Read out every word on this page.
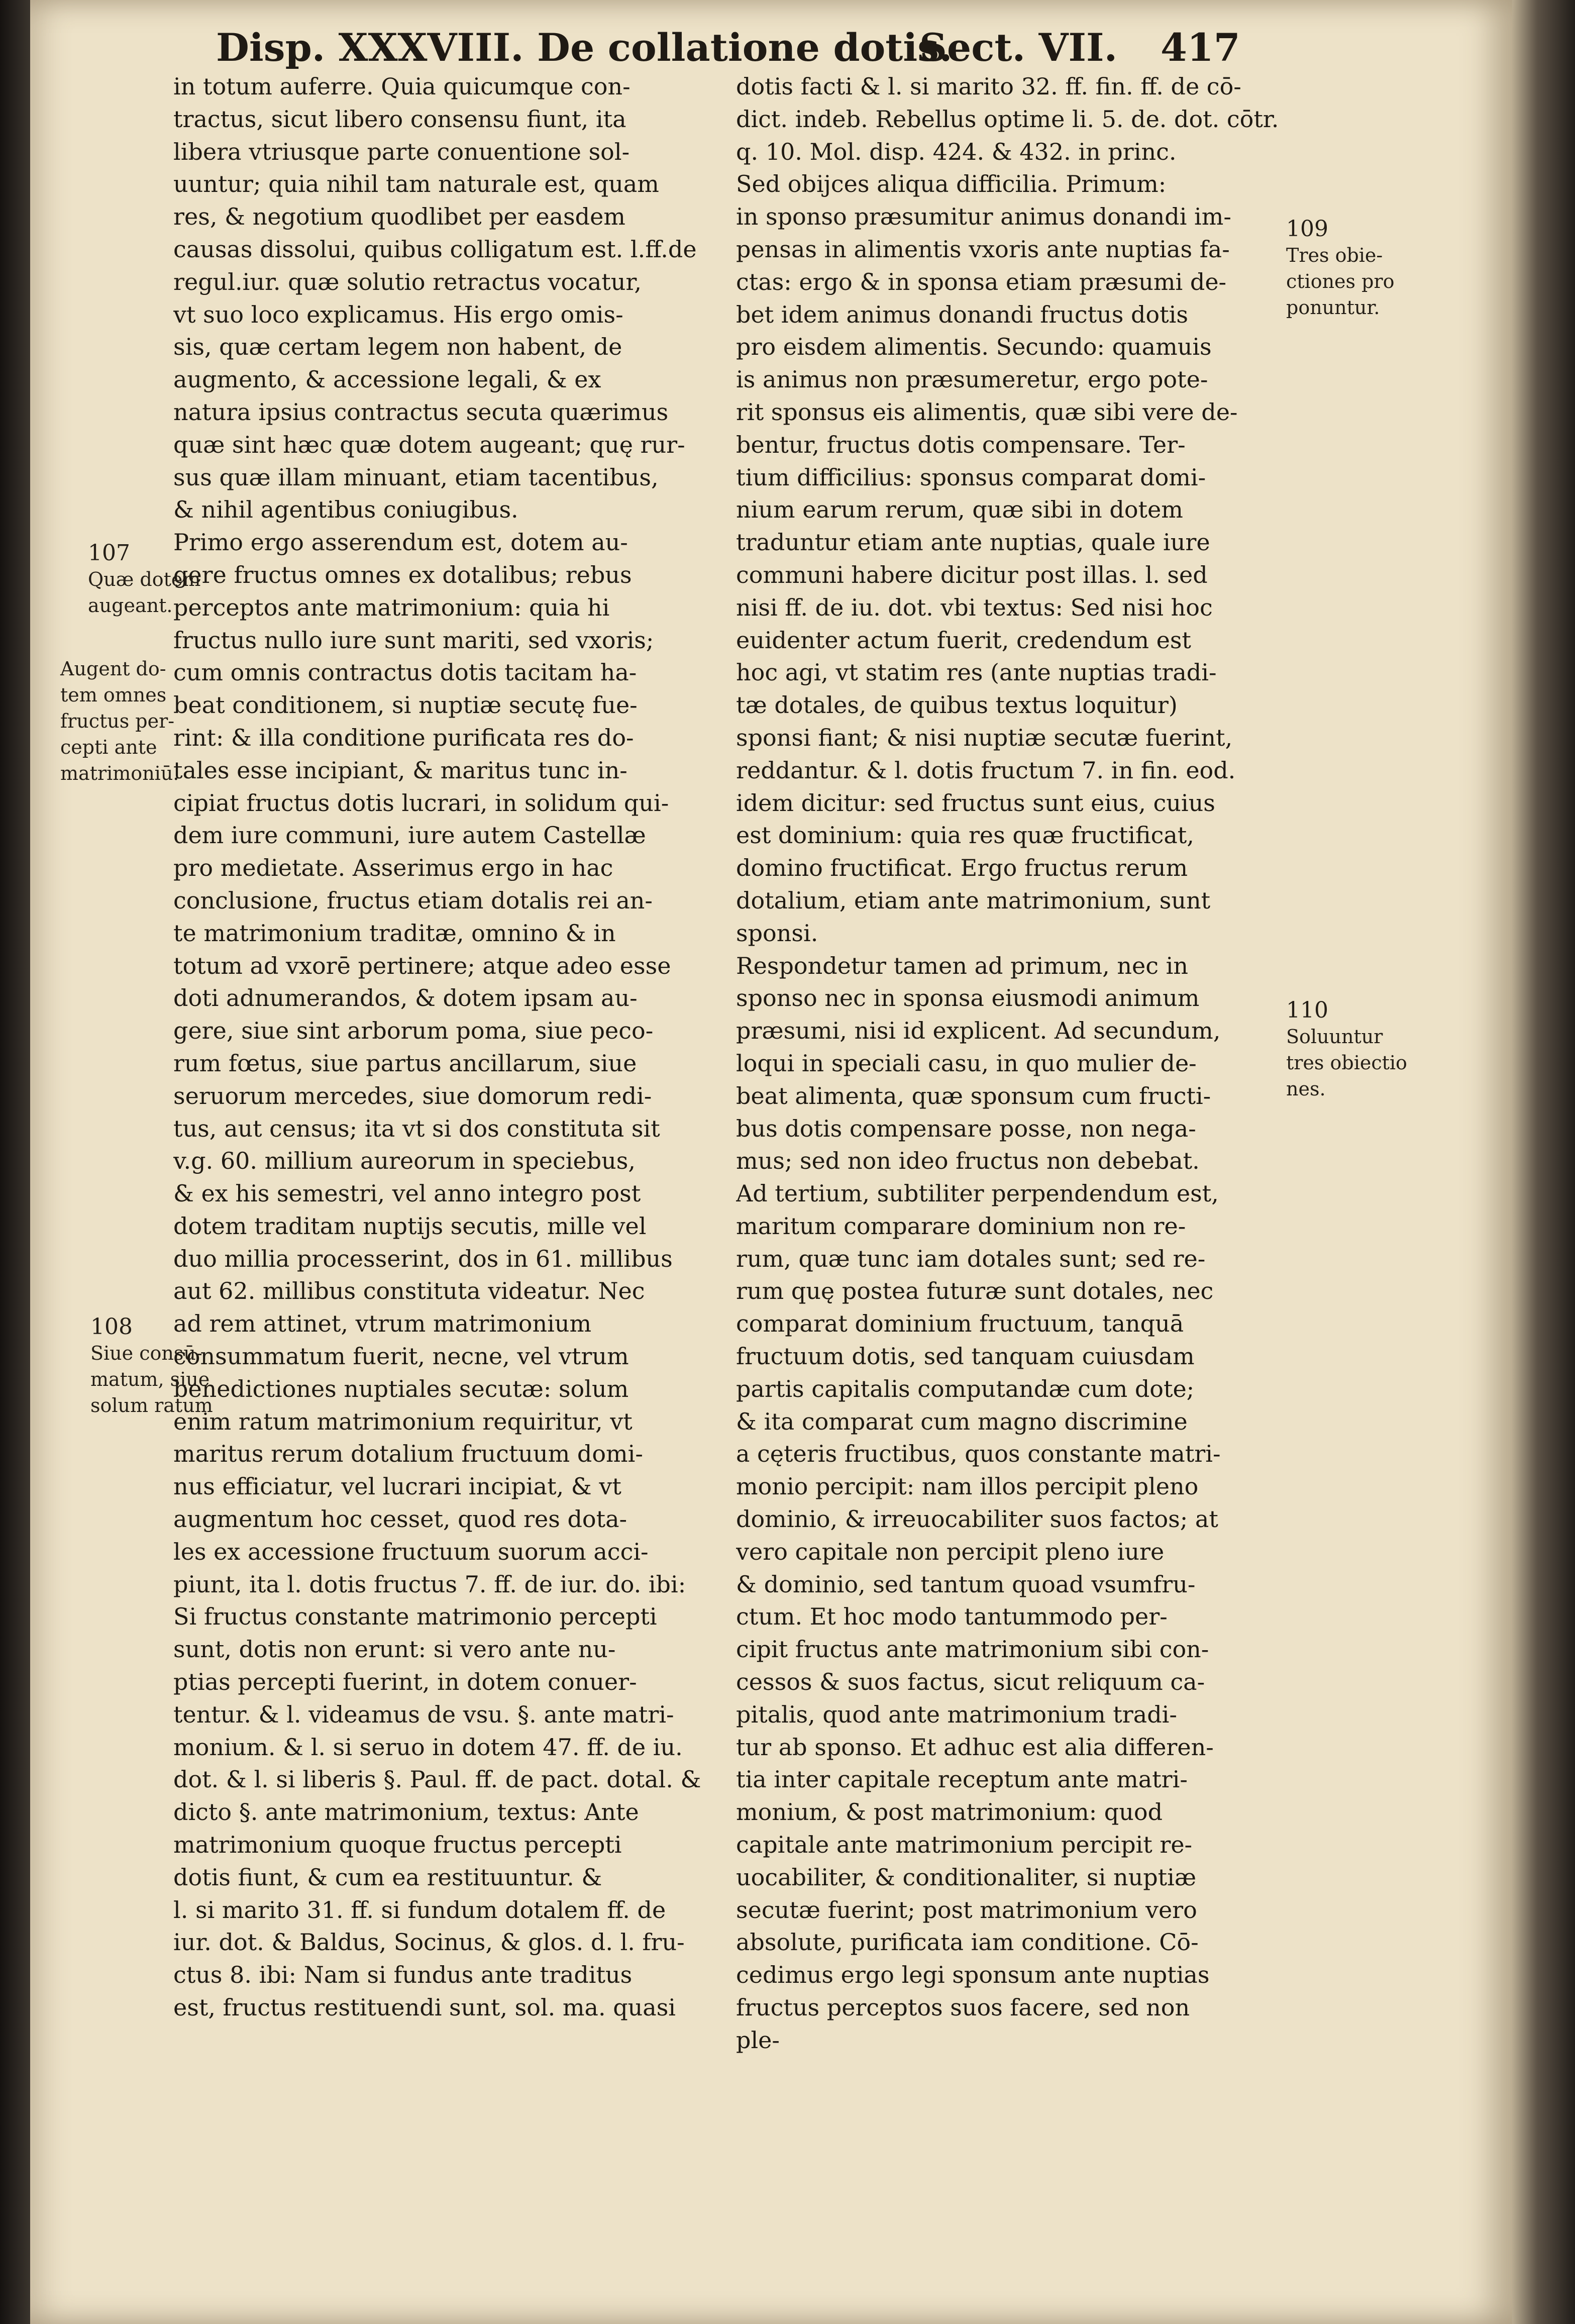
Disp. XXXVIII. De collatione dotis.
Sect. VII. 417
in totum auferre. Quia quicumque con-
tractus, sicut libero consensu fiunt, ita
libera vtriusque parte conuentione sol-
uuntur; quia nihil tam naturale est, quam
res, & negotium quodlibet per easdem
causas dissolui, quibus colligatum est. l.ff.de
regul.iur. quæ solutio retractus vocatur,
vt suo loco explicamus. His ergo omis-
sis, quæ certam legem non habent, de
augmento, & accessione legali, & ex
natura ipsius contractus secuta quærimus
quæ sint hæc quæ dotem augeant; quę rur-
sus quæ illam minuant, etiam tacentibus,
& nihil agentibus coniugibus.
Primo ergo asserendum est, dotem au-
gere fructus omnes ex dotalibus; rebus
perceptos ante matrimonium: quia hi
fructus nullo iure sunt mariti, sed vxoris;
cum omnis contractus dotis tacitam ha-
beat conditionem, si nuptiæ secutę fue-
rint: & illa conditione purificata res do-
tales esse incipiant, & maritus tunc in-
cipiat fructus dotis lucrari, in solidum qui-
dem iure communi, iure autem Castellæ
pro medietate. Asserimus ergo in hac
conclusione, fructus etiam dotalis rei an-
te matrimonium traditæ, omnino & in
totum ad vxorē pertinere; atque adeo esse
doti adnumerandos, & dotem ipsam au-
gere, siue sint arborum poma, siue peco-
rum fœtus, siue partus ancillarum, siue
seruorum mercedes, siue domorum redi-
tus, aut census; ita vt si dos constituta sit
v.g. 60. millium aureorum in speciebus,
& ex his semestri, vel anno integro post
dotem traditam nuptijs secutis, mille vel
duo millia processerint, dos in 61. millibus
aut 62. millibus constituta videatur. Nec
ad rem attinet, vtrum matrimonium
consummatum fuerit, necne, vel vtrum
benedictiones nuptiales secutæ: solum
enim ratum matrimonium requiritur, vt
maritus rerum dotalium fructuum domi-
nus efficiatur, vel lucrari incipiat, & vt
augmentum hoc cesset, quod res dota-
les ex accessione fructuum suorum acci-
piunt, ita l. dotis fructus 7. ff. de iur. do. ibi:
Si fructus constante matrimonio percepti
sunt, dotis non erunt: si vero ante nu-
ptias percepti fuerint, in dotem conuer-
tentur. & l. videamus de vsu. §. ante matri-
monium. & l. si seruo in dotem 47. ff. de iu.
dot. & l. si liberis §. Paul. ff. de pact. dotal. &
dicto §. ante matrimonium, textus: Ante
matrimonium quoque fructus percepti
dotis fiunt, & cum ea restituuntur. &
l. si marito 31. ff. si fundum dotalem ff. de
iur. dot. & Baldus, Socinus, & glos. d. l. fru-
ctus 8. ibi: Nam si fundus ante traditus
est, fructus restituendi sunt, sol. ma. quasi
dotis facti & l. si marito 32. ff. fin. ff. de cō-
dict. indeb. Rebellus optime li. 5. de. dot. cōtr.
q. 10. Mol. disp. 424. & 432. in princ.
Sed obijces aliqua difficilia. Primum:
in sponso præsumitur animus donandi im-
pensas in alimentis vxoris ante nuptias fa-
ctas: ergo & in sponsa etiam præsumi de-
bet idem animus donandi fructus dotis
pro eisdem alimentis. Secundo: quamuis
is animus non præsumeretur, ergo pote-
rit sponsus eis alimentis, quæ sibi vere de-
bentur, fructus dotis compensare. Ter-
tium difficilius: sponsus comparat domi-
nium earum rerum, quæ sibi in dotem
traduntur etiam ante nuptias, quale iure
communi habere dicitur post illas. l. sed
nisi ff. de iu. dot. vbi textus: Sed nisi hoc
euidenter actum fuerit, credendum est
hoc agi, vt statim res (ante nuptias tradi-
tæ dotales, de quibus textus loquitur)
sponsi fiant; & nisi nuptiæ secutæ fuerint,
reddantur. & l. dotis fructum 7. in fin. eod.
idem dicitur: sed fructus sunt eius, cuius
est dominium: quia res quæ fructificat,
domino fructificat. Ergo fructus rerum
dotalium, etiam ante matrimonium, sunt
sponsi.
Respondetur tamen ad primum, nec in
sponso nec in sponsa eiusmodi animum
præsumi, nisi id explicent. Ad secundum,
loqui in speciali casu, in quo mulier de-
beat alimenta, quæ sponsum cum fructi-
bus dotis compensare posse, non nega-
mus; sed non ideo fructus non debebat.
Ad tertium, subtiliter perpendendum est,
maritum comparare dominium non re-
rum, quæ tunc iam dotales sunt; sed re-
rum quę postea futuræ sunt dotales, nec
comparat dominium fructuum, tanquā
fructuum dotis, sed tanquam cuiusdam
partis capitalis computandæ cum dote;
& ita comparat cum magno discrimine
a cęteris fructibus, quos constante matri-
monio percipit: nam illos percipit pleno
dominio, & irreuocabiliter suos factos; at
vero capitale non percipit pleno iure
& dominio, sed tantum quoad vsumfru-
ctum. Et hoc modo tantummodo per-
cipit fructus ante matrimonium sibi con-
cessos & suos factus, sicut reliquum ca-
pitalis, quod ante matrimonium tradi-
tur ab sponso. Et adhuc est alia differen-
tia inter capitale receptum ante matri-
monium, & post matrimonium: quod
capitale ante matrimonium percipit re-
uocabiliter, & conditionaliter, si nuptiæ
secutæ fuerint; post matrimonium vero
absolute, purificata iam conditione. Cō-
cedimus ergo legi sponsum ante nuptias
fructus perceptos suos facere, sed non
ple-
107
Quæ dotem
augeant.
Augent do-
tem omnes
fructus per-
cepti ante
matrimoniū.
108
Siue consū-
matum, siue
solum ratum
109
Tres obie-
ctiones pro
ponuntur.
110
Soluuntur
tres obiectio
nes.
